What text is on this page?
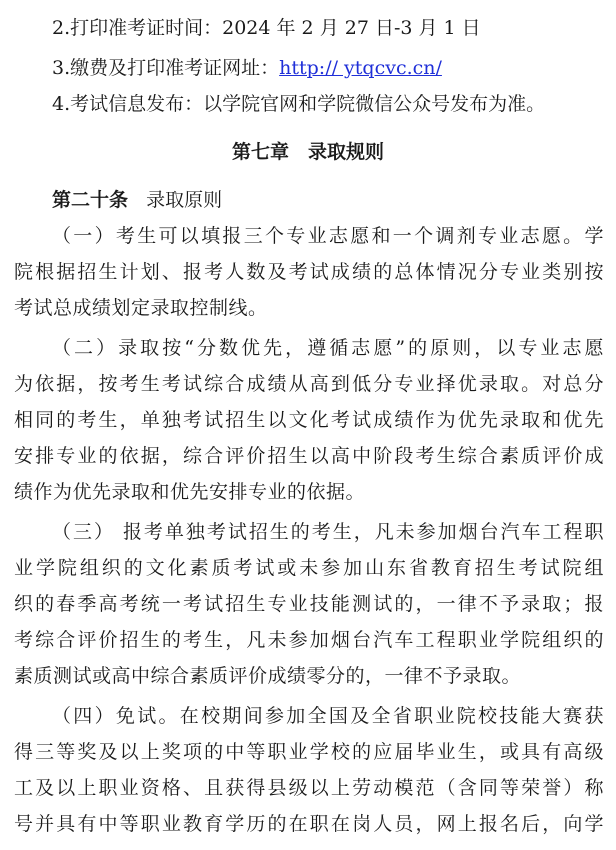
2.打印准考证时间：2024 年 2 月 27 日-3 月 1 日
3.缴费及打印准考证网址：http:// ytqcvc.cn/
4.考试信息发布：以学院官网和学院微信公众号发布为准。
第七章　录取规则
第二十条 录取原则
（一）考生可以填报三个专业志愿和一个调剂专业志愿。学
院根据招生计划、报考人数及考试成绩的总体情况分专业类别按
考试总成绩划定录取控制线。
（二）录取按“分数优先，遵循志愿”的原则，以专业志愿
为依据，按考生考试综合成绩从高到低分专业择优录取。对总分
相同的考生，单独考试招生以文化考试成绩作为优先录取和优先
安排专业的依据，综合评价招生以高中阶段考生综合素质评价成
绩作为优先录取和优先安排专业的依据。
（三） 报考单独考试招生的考生，凡未参加烟台汽车工程职
业学院组织的文化素质考试或未参加山东省教育招生考试院组
织的春季高考统一考试招生专业技能测试的，一律不予录取；报
考综合评价招生的考生，凡未参加烟台汽车工程职业学院组织的
素质测试或高中综合素质评价成绩零分的，一律不予录取。
（四）免试。在校期间参加全国及全省职业院校技能大赛获
得三等奖及以上奖项的中等职业学校的应届毕业生，或具有高级
工及以上职业资格、且获得县级以上劳动模范（含同等荣誉）称
号并具有中等职业教育学历的在职在岗人员，网上报名后，向学
